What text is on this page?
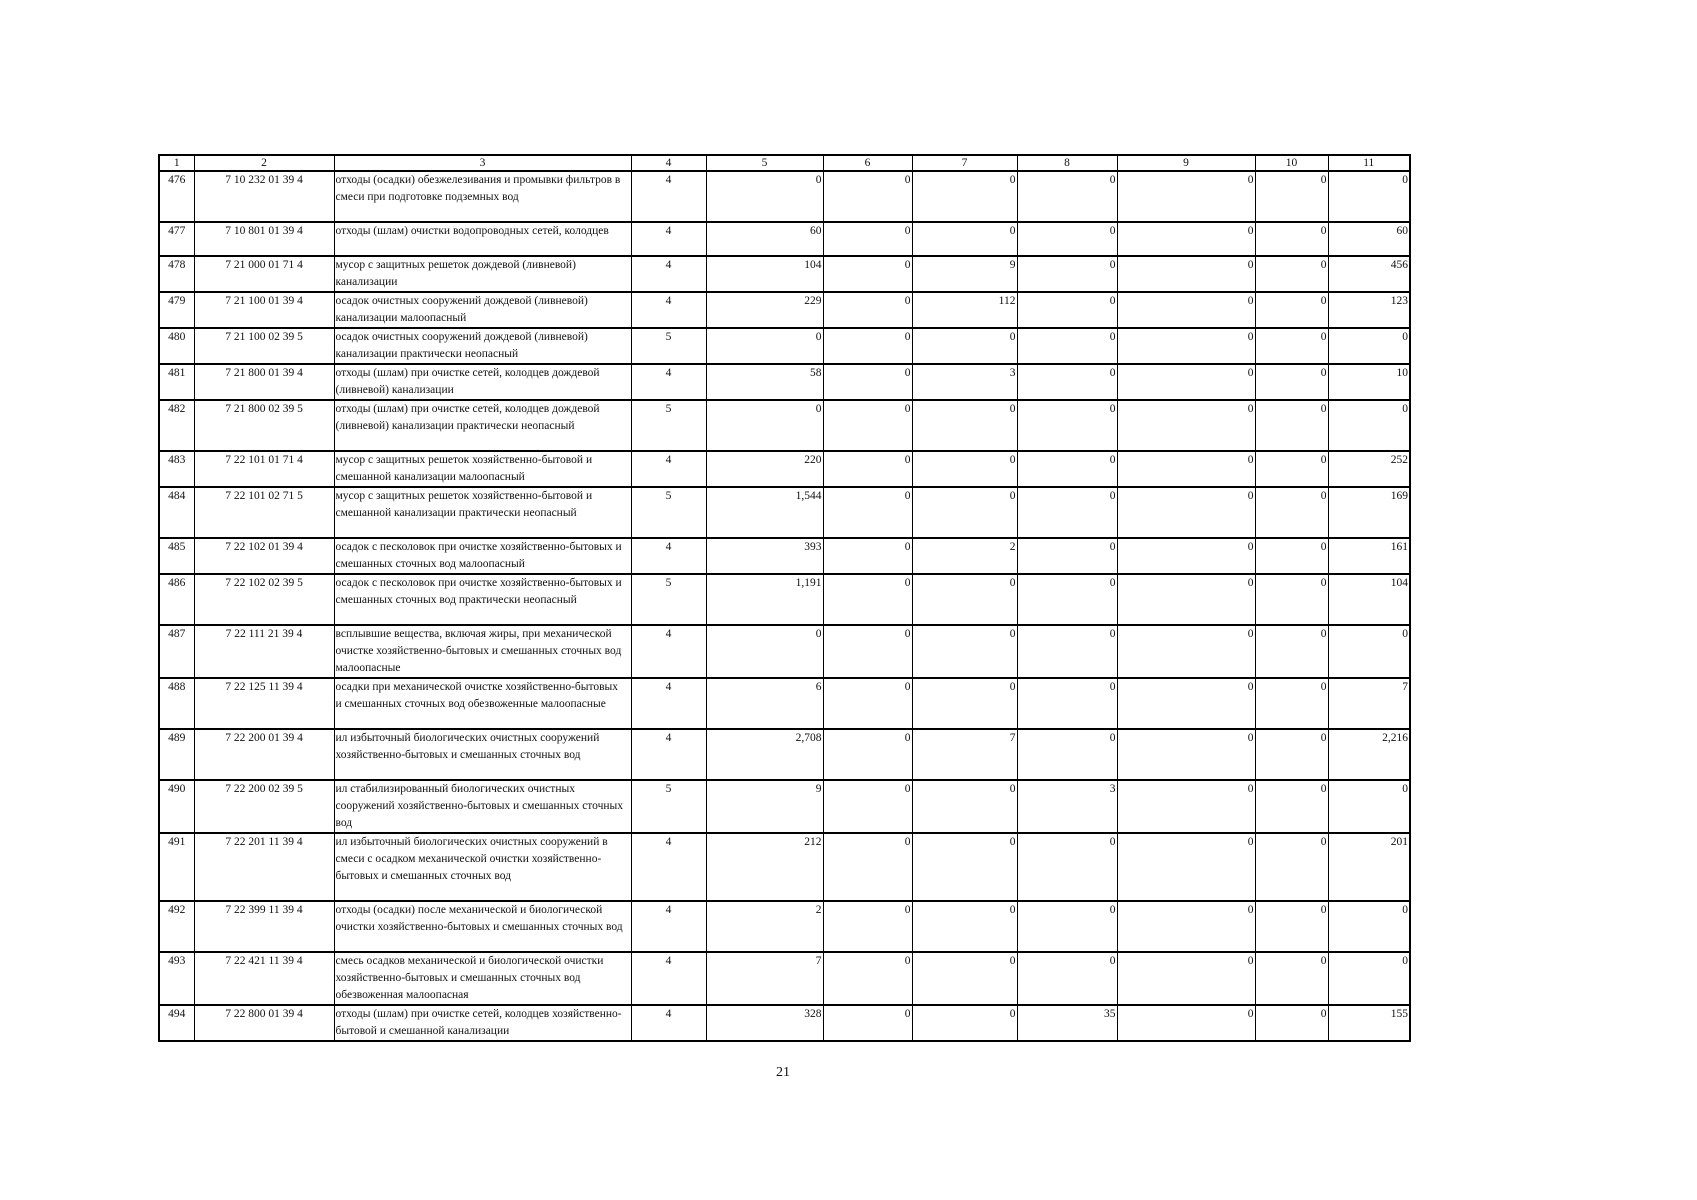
1	2	3	4	5	6	7	8	9	10	11
476	7 10 232 01 39 4	отходы (осадки) обезжелезивания и промывки фильтров в смеси при подготовке подземных вод	4	0	0	0	0	0	0	0
477	7 10 801 01 39 4	отходы (шлам) очистки водопроводных сетей, колодцев	4	60	0	0	0	0	0	60
478	7 21 000 01 71 4	мусор с защитных решеток дождевой (ливневой) канализации	4	104	0	9	0	0	0	456
479	7 21 100 01 39 4	осадок очистных сооружений дождевой (ливневой) канализации малоопасный	4	229	0	112	0	0	0	123
480	7 21 100 02 39 5	осадок очистных сооружений дождевой (ливневой) канализации практически неопасный	5	0	0	0	0	0	0	0
481	7 21 800 01 39 4	отходы (шлам) при очистке сетей, колодцев дождевой (ливневой) канализации	4	58	0	3	0	0	0	10
482	7 21 800 02 39 5	отходы (шлам) при очистке сетей, колодцев дождевой (ливневой) канализации практически неопасный	5	0	0	0	0	0	0	0
483	7 22 101 01 71 4	мусор с защитных решеток хозяйственно-бытовой и смешанной канализации малоопасный	4	220	0	0	0	0	0	252
484	7 22 101 02 71 5	мусор с защитных решеток хозяйственно-бытовой и смешанной канализации практически неопасный	5	1,544	0	0	0	0	0	169
485	7 22 102 01 39 4	осадок с песколовок при очистке хозяйственно-бытовых и смешанных сточных вод малоопасный	4	393	0	2	0	0	0	161
486	7 22 102 02 39 5	осадок с песколовок при очистке хозяйственно-бытовых и смешанных сточных вод практически неопасный	5	1,191	0	0	0	0	0	104
487	7 22 111 21 39 4	всплывшие вещества, включая жиры, при механической очистке хозяйственно-бытовых и смешанных сточных вод малоопасные	4	0	0	0	0	0	0	0
488	7 22 125 11 39 4	осадки при механической очистке хозяйственно-бытовых и смешанных сточных вод обезвоженные малоопасные	4	6	0	0	0	0	0	7
489	7 22 200 01 39 4	ил избыточный биологических очистных сооружений хозяйственно-бытовых и смешанных сточных вод	4	2,708	0	7	0	0	0	2,216
490	7 22 200 02 39 5	ил стабилизированный биологических очистных сооружений хозяйственно-бытовых и смешанных сточных вод	5	9	0	0	3	0	0	0
491	7 22 201 11 39 4	ил избыточный биологических очистных сооружений в смеси с осадком механической очистки хозяйственно-бытовых и смешанных сточных вод	4	212	0	0	0	0	0	201
492	7 22 399 11 39 4	отходы (осадки) после механической и биологической очистки хозяйственно-бытовых и смешанных сточных вод	4	2	0	0	0	0	0	0
493	7 22 421 11 39 4	смесь осадков механической и биологической очистки хозяйственно-бытовых и смешанных сточных вод обезвоженная малоопасная	4	7	0	0	0	0	0	0
494	7 22 800 01 39 4	отходы (шлам) при очистке сетей, колодцев хозяйственно-бытовой и смешанной канализации	4	328	0	0	35	0	0	155
21
